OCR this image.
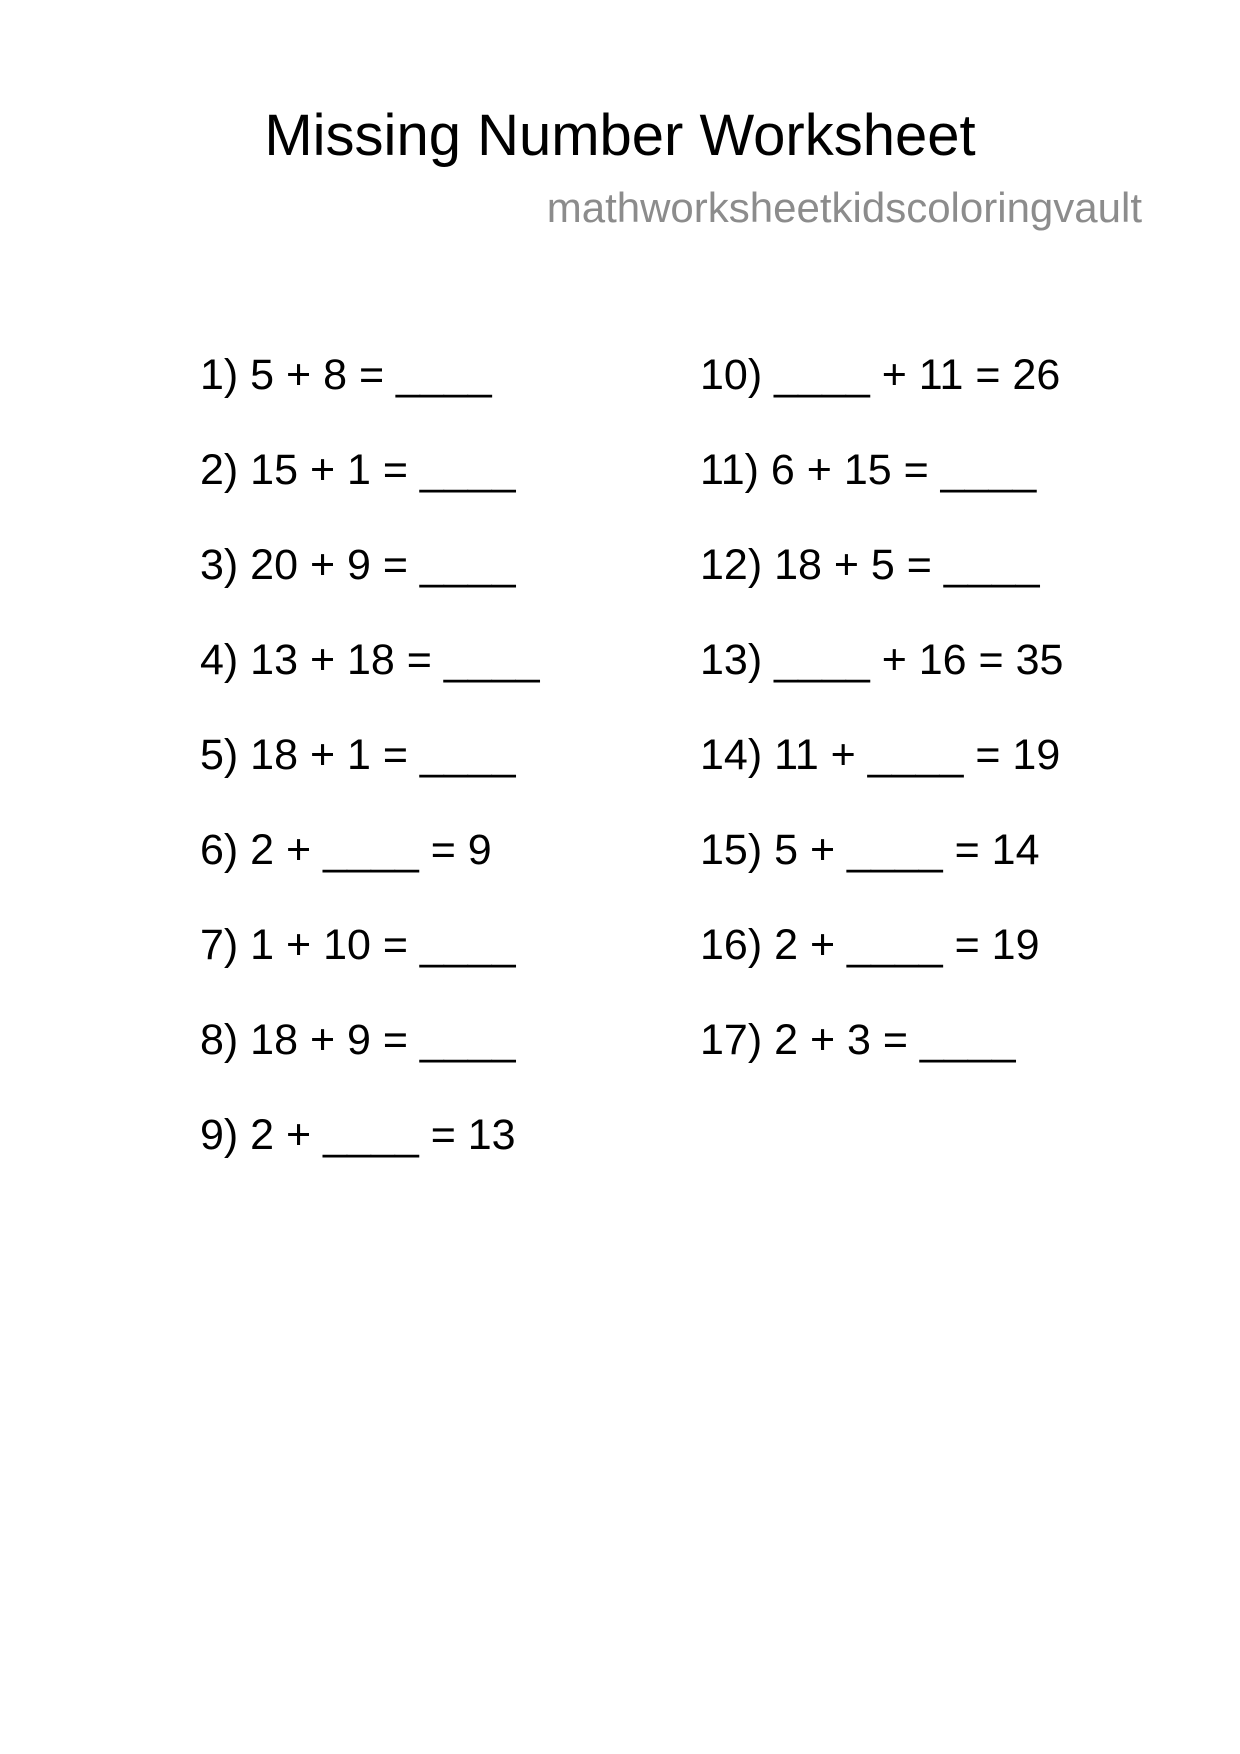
Missing Number Worksheet
mathworksheetkidscoloringvault
1) 5 + 8 = ____
2) 15 + 1 = ____
3) 20 + 9 = ____
4) 13 + 18 = ____
5) 18 + 1 = ____
6) 2 + ____ = 9
7) 1 + 10 = ____
8) 18 + 9 = ____
9) 2 + ____ = 13
10) ____ + 11 = 26
11) 6 + 15 = ____
12) 18 + 5 = ____
13) ____ + 16 = 35
14) 11 + ____ = 19
15) 5 + ____ = 14
16) 2 + ____ = 19
17) 2 + 3 = ____
